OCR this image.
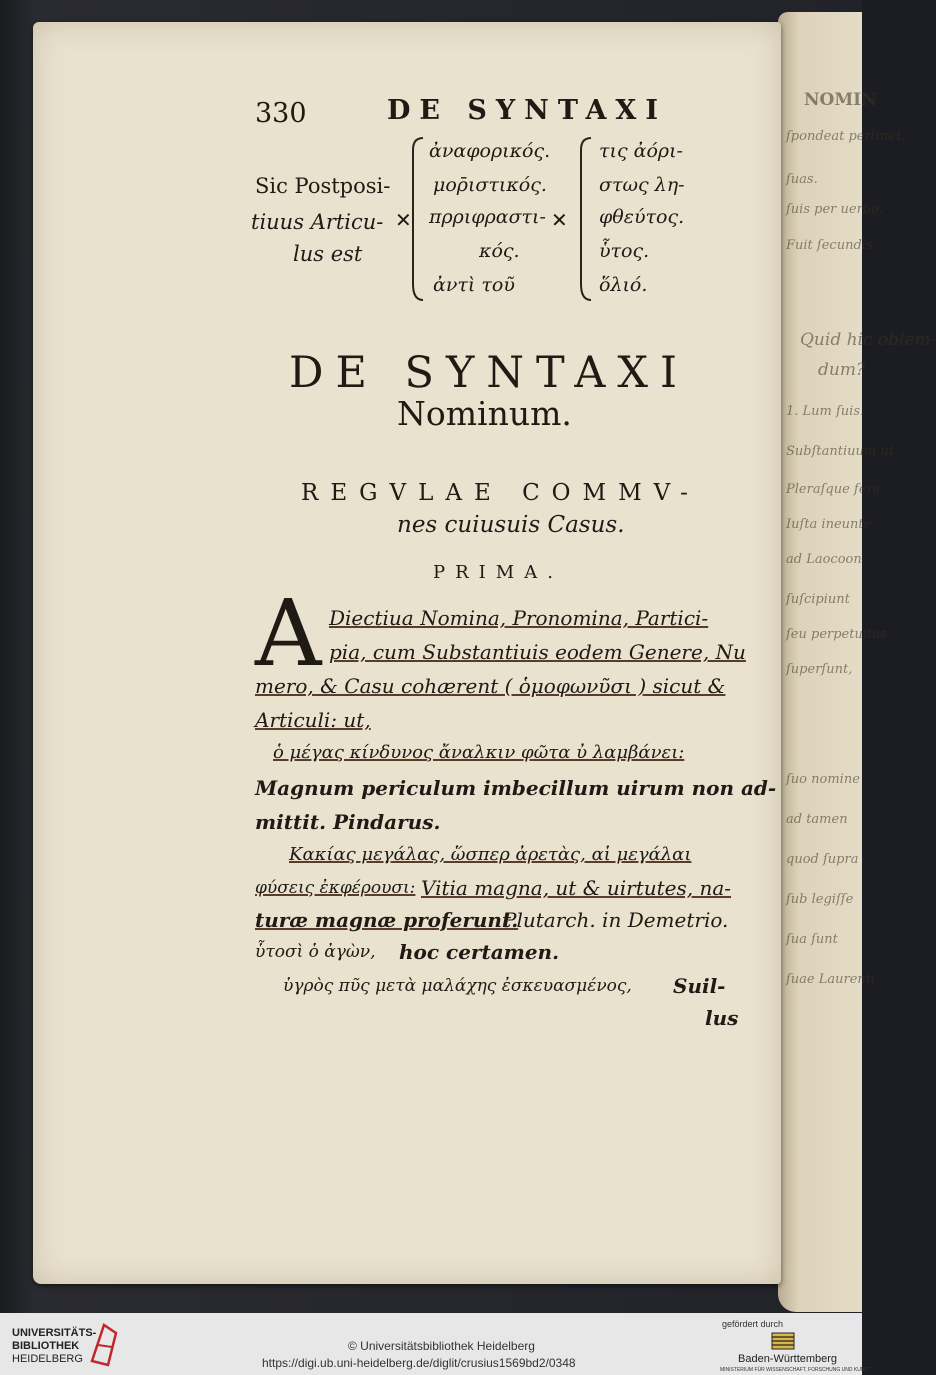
NOMIN
ſpondeat pertinet.
ſuas.
ſuis per uerbo.
Fuit ſecundis
Quid hic oblem-
dum?
1. Lum ſuis.
Subſtantiuum ut
Pleraſque fere.
Iuſta ineunte
ad Laocoon
ſuſcipiunt
ſeu perpetuitas
ſuperſunt,
ſuo nomine
ad tamen
quod ſupra
ſub legiſſe
ſua ſunt
ſuae Laurenti
330	DE SYNTAXI
Sic Postposi-
tiuus Articu-
lus est
✕
ἀναφορικός.
μορ̄ιστικός.
πρριφραστι-
κός.
ἀντὶ τοῦ
✕
τις ἀόρι-
στως λη-
φθεύτος.
ὗτος.
ὅλιό.
DE SYNTAXI
Nominum.
REGVLAE COMMV-
nes cuiusuis Casus.
PRIMA.
A Diectiua Nomina, Pronomina, Partici-
pia, cum Substantiuis eodem Genere, Nu
mero, & Casu cohærent ( ὁμοφωνῦσι ) sicut &
Articuli: ut,
ὁ μέγας κίνδυνος ἄναλκιν φῶτα ὐ λαμβάνει:
Magnum periculum imbecillum uirum non ad-
mittit. Pindarus.
Κακίας μεγάλας, ὥσπερ ἀρετὰς, αἱ μεγάλαι
φύσεις ἐκφέρουσι: Vitia magna, ut & uirtutes, na-
turæ magnæ proferunt.
Plutarch. in Demetrio.
ὗτοσὶ ὁ ἀγὼν, hoc certamen.
ὑγρὸς πῦς μετὰ μαλάχης ἐσκευασμένος, Suil-
lus
UNIVERSITÄTS-
BIBLIOTHEK
HEIDELBERG
© Universitätsbibliothek Heidelberg
https://digi.ub.uni-heidelberg.de/diglit/crusius1569bd2/0348
gefördert durch
Baden-Württemberg
MINISTERIUM FÜR WISSENSCHAFT, FORSCHUNG UND KUNST
